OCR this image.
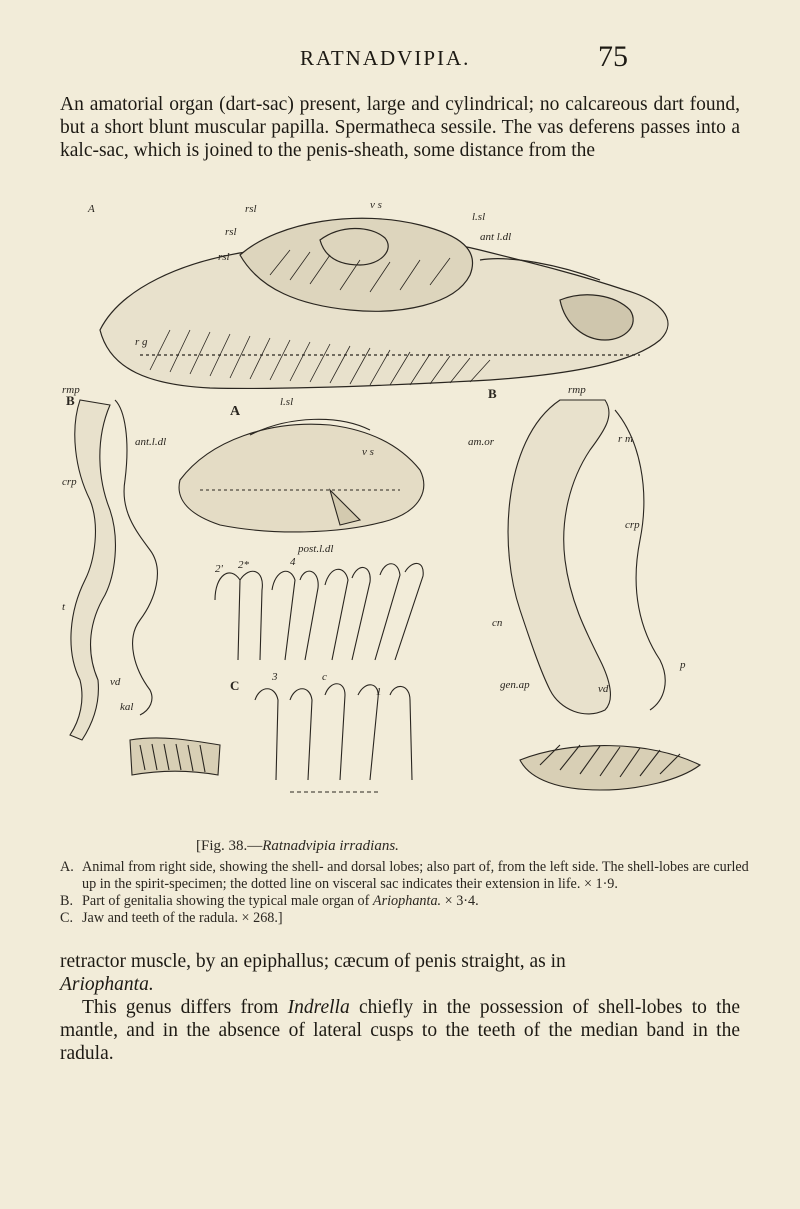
RATNADVIPIA.	75

An amatorial organ (dart-sac) present, large and cylindrical; no calcareous dart found, but a short blunt muscular papilla. Spermatheca sessile. The vas deferens passes into a kalc-sac, which is joined to the penis-sheath, some distance from the

A	v s
rsl
rsl
rsl
l.sl
ant l.dl
r g
A
l.sl
ant.l.dl
v s
post.l.dl
rmp
B
crp
t
vd
kal
C
3	c
1
2*	4
2'
B	rmp
r m
am.or
crp
cn
gen.ap	vd
p
[Fig. 38.—Ratnadvipia irradians.
A. Animal from right side, showing the shell- and dorsal lobes; also part of, from the left side. The shell-lobes are curled up in the spirit-specimen; the dotted line on visceral sac indicates their extension in life. × 1·9.
B. Part of genitalia showing the typical male organ of Ariophanta. × 3·4.
C. Jaw and teeth of the radula. × 268.]

retractor muscle, by an epiphallus; cæcum of penis straight, as in
Ariophanta.

This genus differs from Indrella chiefly in the possession of shell-lobes to the mantle, and in the absence of lateral cusps to the teeth of the median band in the radula.
